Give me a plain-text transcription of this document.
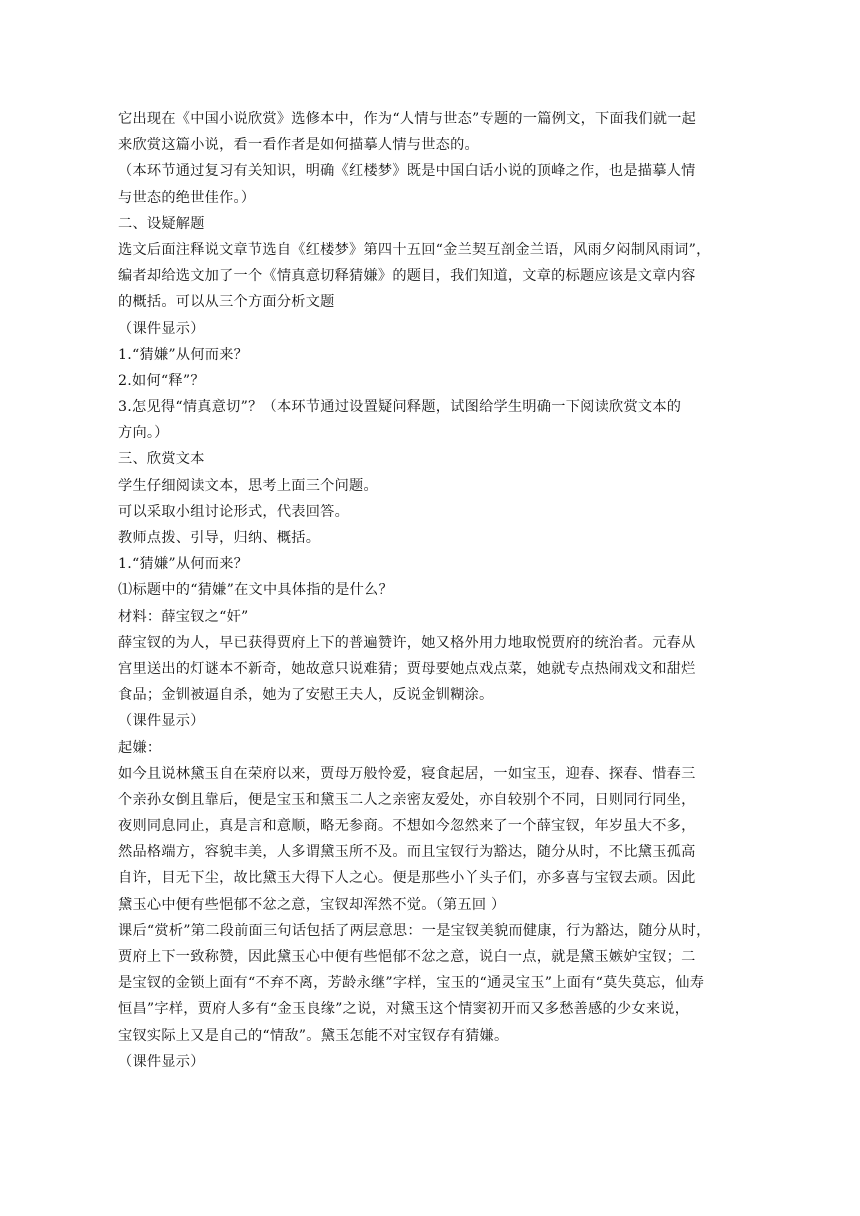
它出现在《中国小说欣赏》选修本中，作为“人情与世态”专题的一篇例文，下面我们就一起
来欣赏这篇小说，看一看作者是如何描摹人情与世态的。
（本环节通过复习有关知识，明确《红楼梦》既是中国白话小说的顶峰之作，也是描摹人情
与世态的绝世佳作。）
二、设疑解题
选文后面注释说文章节选自《红楼梦》第四十五回“金兰契互剖金兰语，风雨夕闷制风雨词”，
编者却给选文加了一个《情真意切释猜嫌》的题目，我们知道，文章的标题应该是文章内容
的概括。可以从三个方面分析文题
（课件显示）
1.“猜嫌”从何而来？
2.如何“释”？
3.怎见得“情真意切”？（本环节通过设置疑问释题，试图给学生明确一下阅读欣赏文本的
方向。）
三、欣赏文本
学生仔细阅读文本，思考上面三个问题。
可以采取小组讨论形式，代表回答。
教师点拨、引导，归纳、概括。
1.“猜嫌”从何而来？
⑴标题中的“猜嫌”在文中具体指的是什么？
材料：薛宝钗之“奸”
薛宝钗的为人，早已获得贾府上下的普遍赞许，她又格外用力地取悦贾府的统治者。元春从
宫里送出的灯谜本不新奇，她故意只说难猜；贾母要她点戏点菜，她就专点热闹戏文和甜烂
食品；金钏被逼自杀，她为了安慰王夫人，反说金钏糊涂。
（课件显示）
起嫌：
如今且说林黛玉自在荣府以来，贾母万般怜爱，寝食起居，一如宝玉，迎春、探春、惜春三
个亲孙女倒且靠后，便是宝玉和黛玉二人之亲密友爱处，亦自较别个不同，日则同行同坐，
夜则同息同止，真是言和意顺，略无参商。不想如今忽然来了一个薛宝钗，年岁虽大不多，
然品格端方，容貌丰美，人多谓黛玉所不及。而且宝钗行为豁达，随分从时，不比黛玉孤高
自许，目无下尘，故比黛玉大得下人之心。便是那些小丫头子们，亦多喜与宝钗去顽。因此
黛玉心中便有些悒郁不忿之意，宝钗却浑然不觉。（第五回 ）
课后“赏析”第二段前面三句话包括了两层意思：一是宝钗美貌而健康，行为豁达，随分从时，
贾府上下一致称赞，因此黛玉心中便有些悒郁不忿之意，说白一点，就是黛玉嫉妒宝钗；二
是宝钗的金锁上面有“不弃不离，芳龄永继”字样，宝玉的“通灵宝玉”上面有“莫失莫忘，仙寿
恒昌”字样，贾府人多有“金玉良缘”之说，对黛玉这个情窦初开而又多愁善感的少女来说，
宝钗实际上又是自己的“情敌”。黛玉怎能不对宝钗存有猜嫌。
（课件显示）
